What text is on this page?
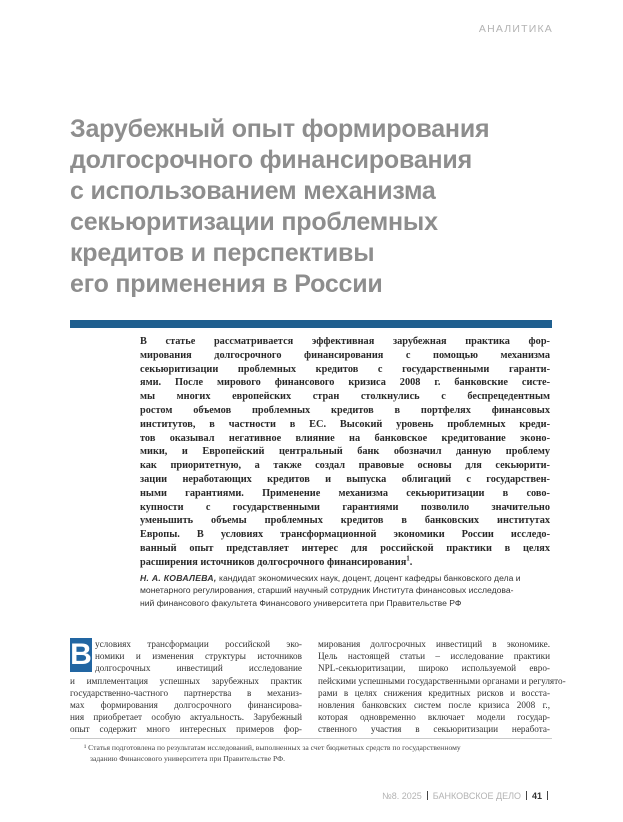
АНАЛИТИКА
Зарубежный опыт формирования
долгосрочного финансирования
с использованием механизма
секьюритизации проблемных
кредитов и перспективы
его применения в России
В статье рассматривается эффективная зарубежная практика фор-
мирования долгосрочного финансирования с помощью механизма
секьюритизации проблемных кредитов с государственными гаранти-
ями. После мирового финансового кризиса 2008 г. банковские систе-
мы многих европейских стран столкнулись с беспрецедентным
ростом объемов проблемных кредитов в портфелях финансовых
институтов, в частности в ЕС. Высокий уровень проблемных креди-
тов оказывал негативное влияние на банковское кредитование эконо-
мики, и Европейский центральный банк обозначил данную проблему
как приоритетную, а также создал правовые основы для секьюрити-
зации неработающих кредитов и выпуска облигаций с государствен-
ными гарантиями. Применение механизма секьюритизации в сово-
купности с государственными гарантиями позволило значительно
уменьшить объемы проблемных кредитов в банковских институтах
Европы. В условиях трансформационной экономики России исследо-
ванный опыт представляет интерес для российской практики в целях
расширения источников долгосрочного финансирования$^1$.
Н. А. КОВАЛЕВА, кандидат экономических наук, доцент, доцент кафедры банковского дела и
монетарного регулирования, старший научный сотрудник Института финансовых исследова-
ний финансового факультета Финансового университета при Правительстве РФ
В условиях трансформации российской эко-
номики и изменения структуры источников
долгосрочных инвестиций исследование
и имплементация успешных зарубежных практик
государственно-частного партнерства в механиз-
мах формирования долгосрочного финансирова-
ния приобретает особую актуальность. Зарубежный
опыт содержит много интересных примеров фор-
мирования долгосрочных инвестиций в экономике.
Цель настоящей статьи – исследование практики
NPL-секьюритизации, широко используемой евро-
пейскими успешными государственными органами и регулято-
рами в целях снижения кредитных рисков и восста-
новления банковских систем после кризиса 2008 г.,
которая одновременно включает модели государ-
ственного участия в секьюритизации неработа-
¹ Статья подготовлена по результатам исследований, выполненных за счет бюджетных средств по государственному
заданию Финансового университета при Правительстве РФ.
№8. 2025 БАНКОВСКОЕ ДЕЛО 41
